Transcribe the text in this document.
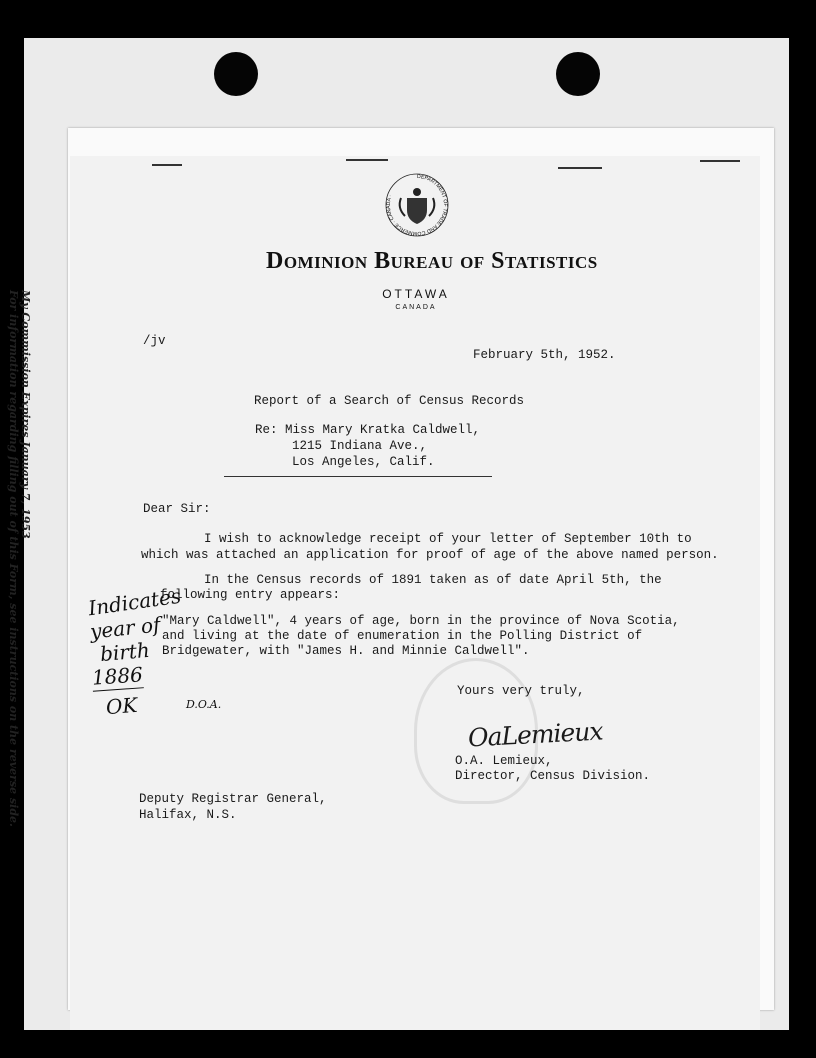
My Commission Expires January 7, 1953
For information regarding filling out of this Form, see instructions on the reverse side.
DEPARTMENT OF TRADE AND COMMERCE · CANADA ·
Dominion Bureau of Statistics
OTTAWA
CANADA
/jv
February 5th, 1952.
Report of a Search of Census Records
Re: Miss Mary Kratka Caldwell,
1215 Indiana Ave.,
Los Angeles, Calif.
Dear Sir:
I wish to acknowledge receipt of your letter of September 10th to
which was attached an application for proof of age of the above named person.
In the Census records of 1891 taken as of date April 5th, the
following entry appears:
"Mary Caldwell", 4 years of age, born in the province of Nova Scotia,
and living at the date of enumeration in the Polling District of
Bridgewater, with "James H. and Minnie Caldwell".
Yours very truly,
OaLemieux
O.A. Lemieux,
Director, Census Division.
Deputy Registrar General,
Halifax, N.S.
Indicates
year of
birth
1886
OK	D.O.A.
